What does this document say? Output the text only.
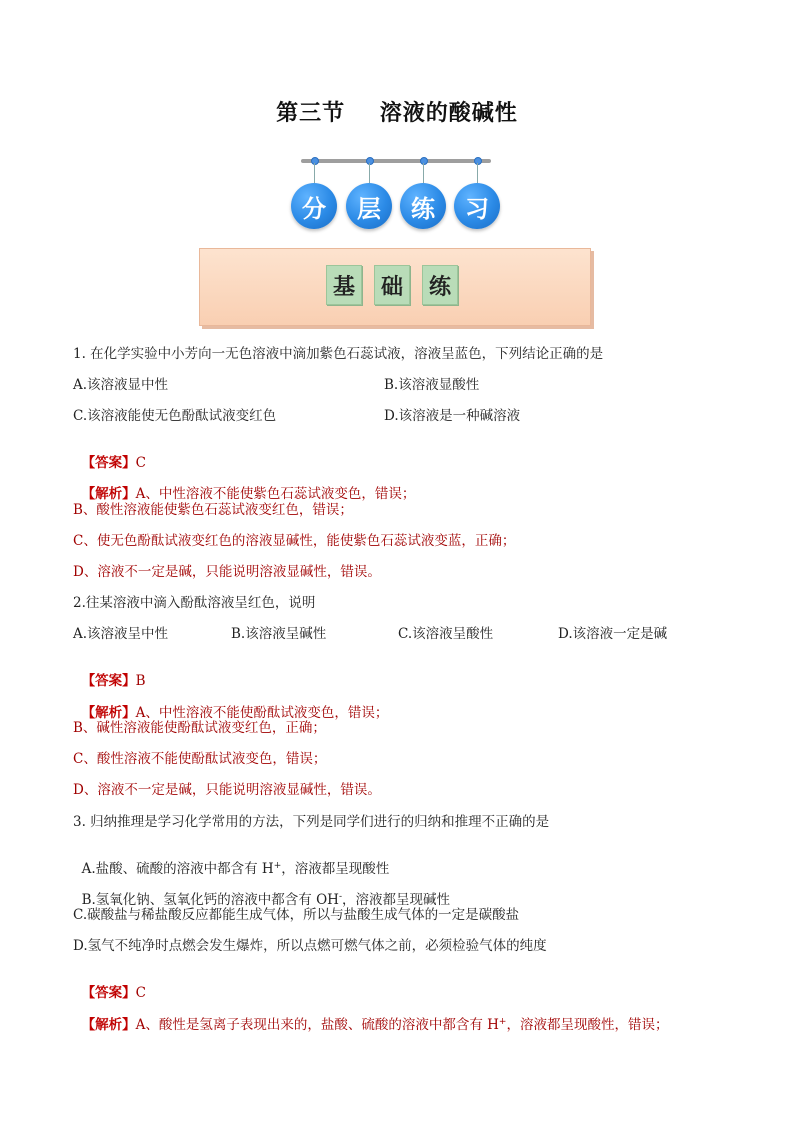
第三节    溶液的酸碱性
分	层	练	习
基	础	练
1. 在化学实验中小芳向一无色溶液中滴加紫色石蕊试液，溶液呈蓝色，下列结论正确的是
A.该溶液显中性	B.该溶液显酸性
C.该溶液能使无色酚酞试液变红色	D.该溶液是一种碱溶液

【答案】C

【解析】A、中性溶液不能使紫色石蕊试液变色，错误；

B、酸性溶液能使紫色石蕊试液变红色，错误；
C、使无色酚酞试液变红色的溶液显碱性，能使紫色石蕊试液变蓝，正确；
D、溶液不一定是碱，只能说明溶液显碱性，错误。
2.往某溶液中滴入酚酞溶液呈红色，说明
A.该溶液呈中性	B.该溶液呈碱性	C.该溶液呈酸性	D.该溶液一定是碱

【答案】B

【解析】A、中性溶液不能使酚酞试液变色，错误；

B、碱性溶液能使酚酞试液变红色，正确；
C、酸性溶液不能使酚酞试液变色，错误；
D、溶液不一定是碱，只能说明溶液显碱性，错误。
3. 归纳推理是学习化学常用的方法，下列是同学们进行的归纳和推理不正确的是

A.盐酸、硫酸的溶液中都含有 H+，溶液都呈现酸性

B.氢氧化钠、氢氧化钙的溶液中都含有 OH-，溶液都呈现碱性

C.碳酸盐与稀盐酸反应都能生成气体，所以与盐酸生成气体的一定是碳酸盐
D.氢气不纯净时点燃会发生爆炸，所以点燃可燃气体之前，必须检验气体的纯度

【答案】C

【解析】A、酸性是氢离子表现出来的，盐酸、硫酸的溶液中都含有 H+，溶液都呈现酸性，错误；
